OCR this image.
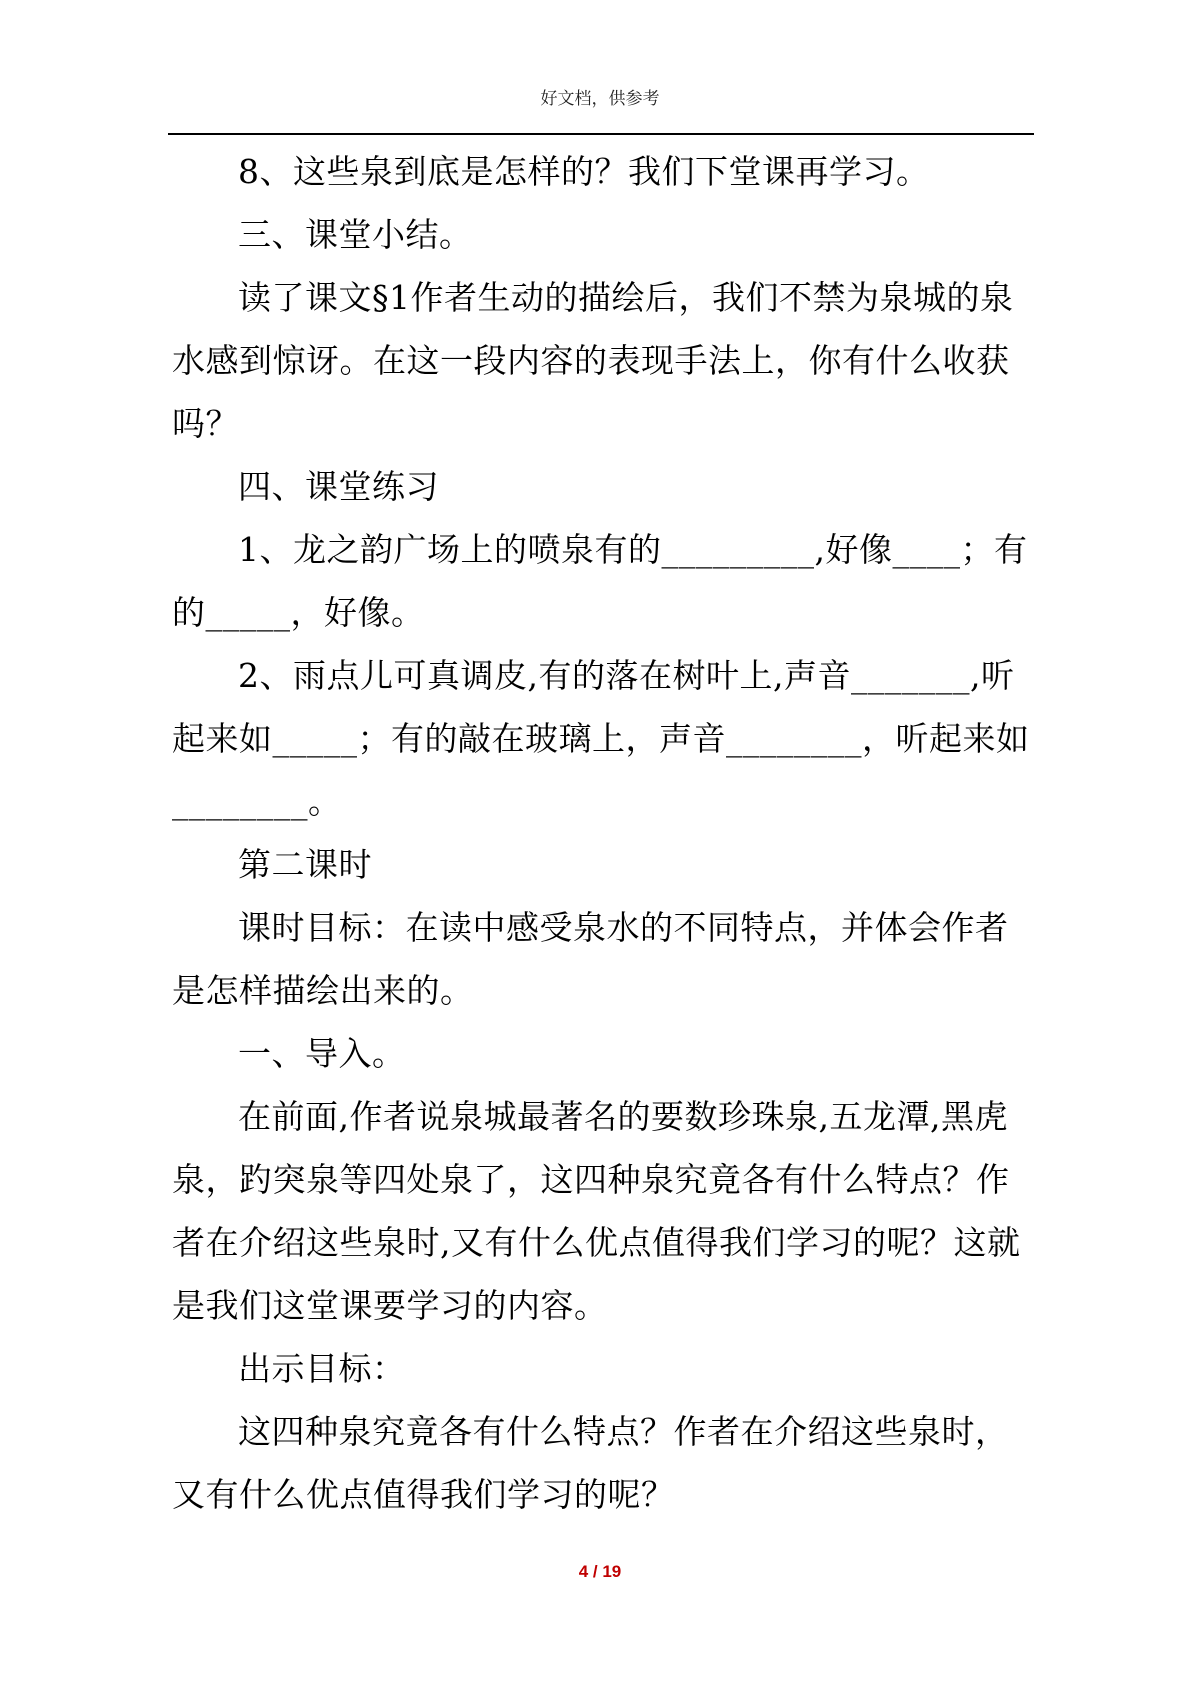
好文档，供参考

8、这些泉到底是怎样的？我们下堂课再学习。

三、课堂小结。

读了课文§1作者生动的描绘后，我们不禁为泉城的泉水感到惊讶。在这一段内容的表现手法上，你有什么收获吗？

四、课堂练习

1、龙之韵广场上的喷泉有的_________,好像____；有的_____，好像。

2、雨点儿可真调皮,有的落在树叶上,声音_______,听起来如_____；有的敲在玻璃上，声音________，听起来如________。

第二课时

课时目标：在读中感受泉水的不同特点，并体会作者是怎样描绘出来的。

一、导入。

在前面,作者说泉城最著名的要数珍珠泉,五龙潭,黑虎泉，趵突泉等四处泉了，这四种泉究竟各有什么特点？作者在介绍这些泉时,又有什么优点值得我们学习的呢？这就是我们这堂课要学习的内容。

出示目标：

这四种泉究竟各有什么特点？作者在介绍这些泉时，又有什么优点值得我们学习的呢？

4 / 19
